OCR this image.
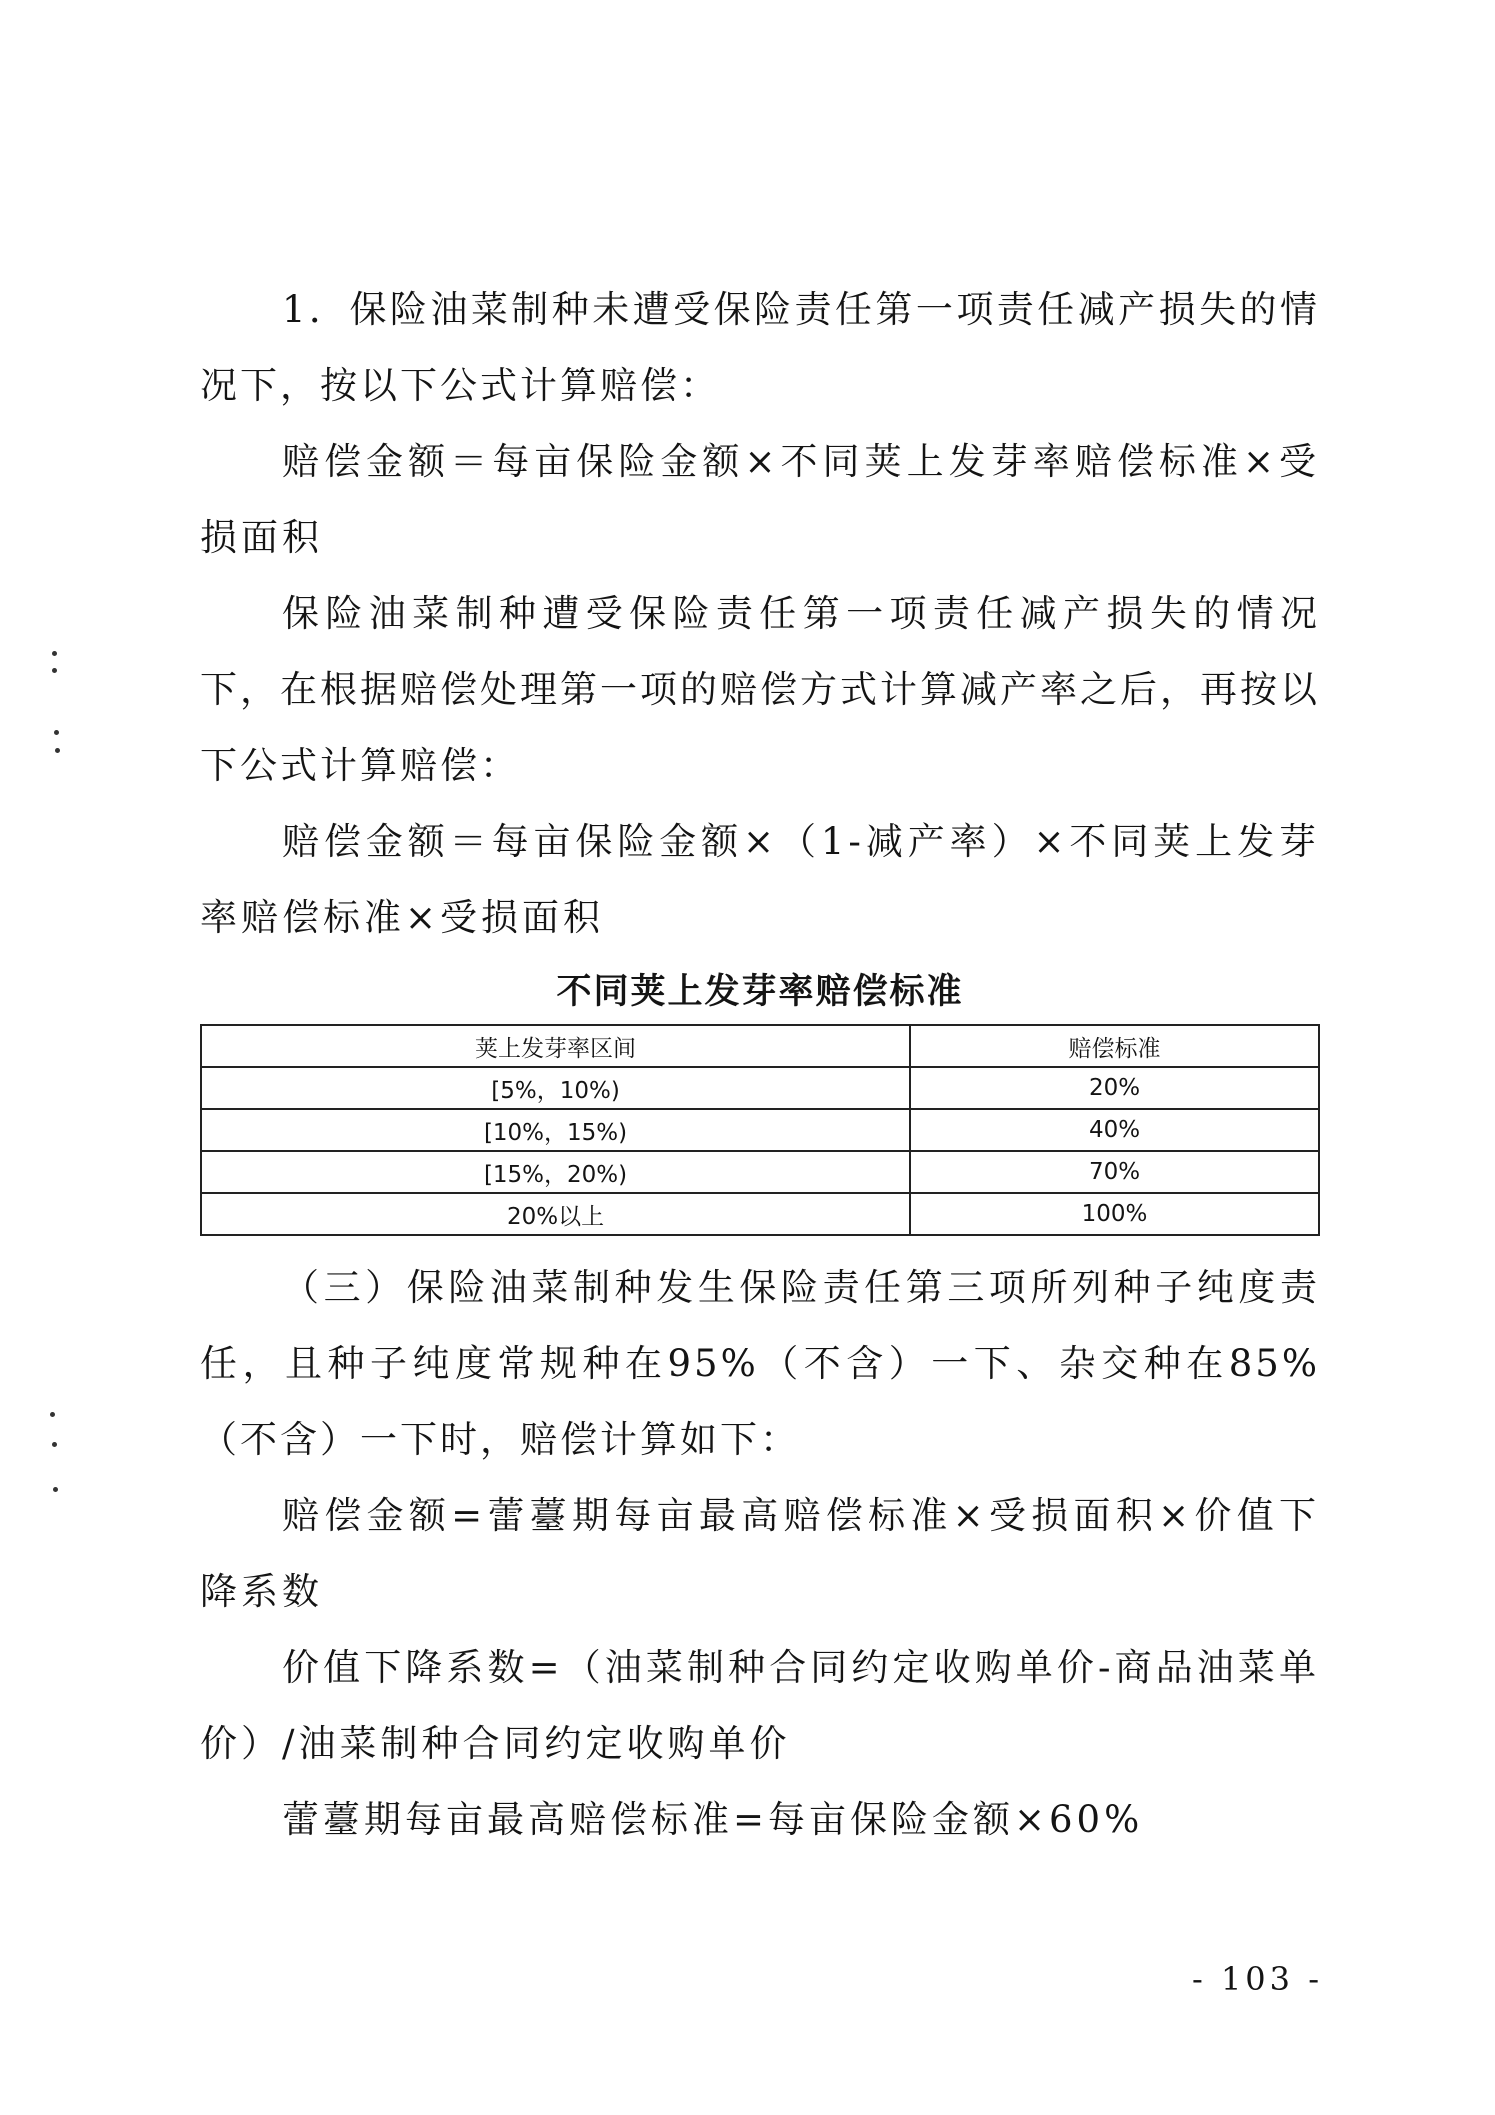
1．保险油菜制种未遭受保险责任第一项责任减产损失的情况下，按以下公式计算赔偿：

赔偿金额＝每亩保险金额×不同荚上发芽率赔偿标准×受损面积

保险油菜制种遭受保险责任第一项责任减产损失的情况下，在根据赔偿处理第一项的赔偿方式计算减产率之后，再按以下公式计算赔偿：

赔偿金额＝每亩保险金额×（1-减产率）×不同荚上发芽率赔偿标准×受损面积

不同荚上发芽率赔偿标准
荚上发芽率区间	赔偿标准
[5%，10%)	20%
[10%，15%)	40%
[15%，20%)	70%
20%以上	100%

（三）保险油菜制种发生保险责任第三项所列种子纯度责任，且种子纯度常规种在95%（不含）一下、杂交种在85%（不含）一下时，赔偿计算如下：

赔偿金额=蕾薹期每亩最高赔偿标准×受损面积×价值下降系数

价值下降系数=（油菜制种合同约定收购单价-商品油菜单价）/油菜制种合同约定收购单价

蕾薹期每亩最高赔偿标准=每亩保险金额×60%

- 103 -
